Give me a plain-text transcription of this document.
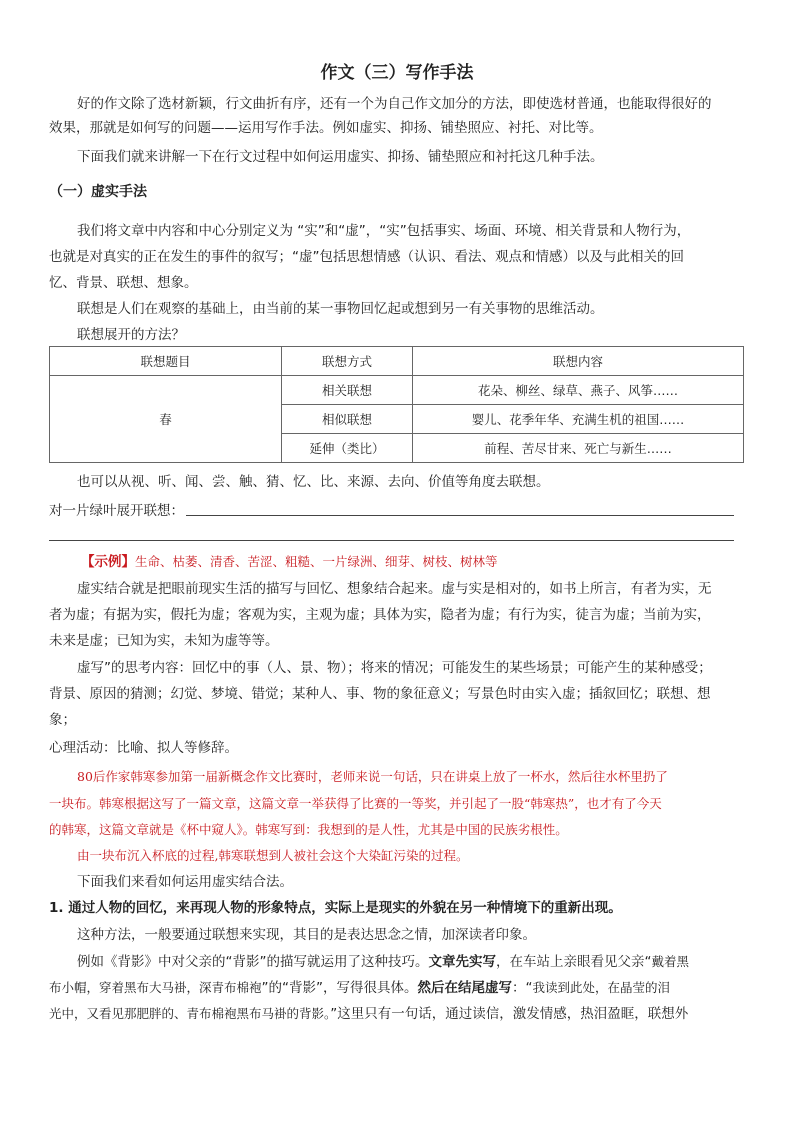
作文（三）写作手法
好的作文除了选材新颖，行文曲折有序，还有一个为自己作文加分的方法，即使选材普通，也能取得很好的
效果，那就是如何写的问题——运用写作手法。例如虚实、抑扬、铺垫照应、衬托、对比等。
下面我们就来讲解一下在行文过程中如何运用虚实、抑扬、铺垫照应和衬托这几种手法。
（一）虚实手法
我们将文章中内容和中心分别定义为 “实”和“虚”，“实”包括事实、场面、环境、相关背景和人物行为，
也就是对真实的正在发生的事件的叙写；“虚”包括思想情感（认识、看法、观点和情感）以及与此相关的回
忆、背景、联想、想象。
联想是人们在观察的基础上，由当前的某一事物回忆起或想到另一有关事物的思维活动。
联想展开的方法？
联想题目	联想方式	联想内容
春	相关联想	花朵、柳丝、绿草、燕子、风筝……
	相似联想	婴儿、花季年华、充满生机的祖国……
	延伸（类比）	前程、苦尽甘来、死亡与新生……
也可以从视、听、闻、尝、触、猜、忆、比、来源、去向、价值等角度去联想。
对一片绿叶展开联想：
【示例】生命、枯萎、清香、苦涩、粗糙、一片绿洲、细芽、树枝、树林等
虚实结合就是把眼前现实生活的描写与回忆、想象结合起来。虚与实是相对的，如书上所言，有者为实，无
者为虚；有据为实，假托为虚；客观为实，主观为虚；具体为实，隐者为虚；有行为实，徒言为虚；当前为实，
未来是虚；已知为实，未知为虚等等。
虚写”的思考内容：回忆中的事（人、景、物）；将来的情况；可能发生的某些场景；可能产生的某种感受；
背景、原因的猜测；幻觉、梦境、错觉；某种人、事、物的象征意义；写景色时由实入虚；插叙回忆；联想、想
象；
心理活动：比喻、拟人等修辞。
80后作家韩寒参加第一届新概念作文比赛时，老师来说一句话，只在讲桌上放了一杯水，然后往水杯里扔了
一块布。韩寒根据这写了一篇文章，这篇文章一举获得了比赛的一等奖，并引起了一股“韩寒热”，也才有了今天
的韩寒，这篇文章就是《杯中窥人》。韩寒写到：我想到的是人性，尤其是中国的民族劣根性。
由一块布沉入杯底的过程,韩寒联想到人被社会这个大染缸污染的过程。
下面我们来看如何运用虚实结合法。
1. 通过人物的回忆，来再现人物的形象特点，实际上是现实的外貌在另一种情境下的重新出现。
这种方法，一般要通过联想来实现，其目的是表达思念之情，加深读者印象。
例如《背影》中对父亲的“背影”的描写就运用了这种技巧。文章先实写，在车站上亲眼看见父亲“戴着黑
布小帽，穿着黑布大马褂，深青布棉袍”的“背影”，写得很具体。然后在结尾虚写：“我读到此处，在晶莹的泪
光中，又看见那肥胖的、青布棉袍黑布马褂的背影。”这里只有一句话，通过读信，激发情感，热泪盈眶，联想外
